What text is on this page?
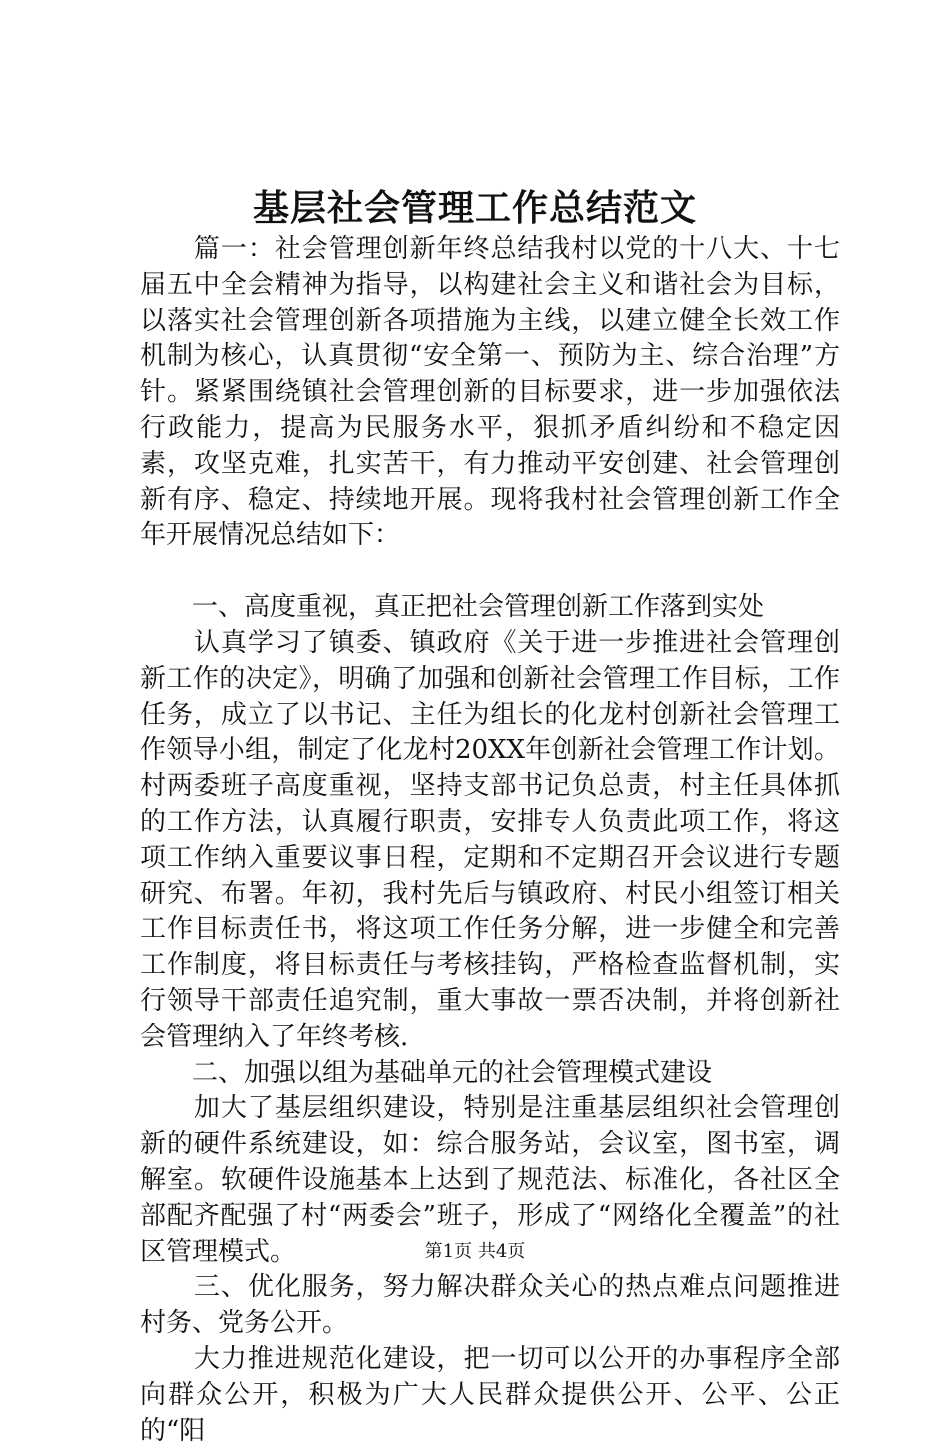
基层社会管理工作总结范文

　　篇一：社会管理创新年终总结我村以党的十八大、十七届五中全会精神为指导，以构建社会主义和谐社会为目标，以落实社会管理创新各项措施为主线，以建立健全长效工作机制为核心，认真贯彻“安全第一、预防为主、综合治理”方针。紧紧围绕镇社会管理创新的目标要求，进一步加强依法行政能力，提高为民服务水平，狠抓矛盾纠纷和不稳定因素，攻坚克难，扎实苦干，有力推动平安创建、社会管理创新有序、稳定、持续地开展。现将我村社会管理创新工作全年开展情况总结如下：

　　一、高度重视，真正把社会管理创新工作落到实处

　　认真学习了镇委、镇政府《关于进一步推进社会管理创新工作的决定》，明确了加强和创新社会管理工作目标，工作任务，成立了以书记、主任为组长的化龙村创新社会管理工作领导小组，制定了化龙村20XX年创新社会管理工作计划。村两委班子高度重视，坚持支部书记负总责，村主任具体抓的工作方法，认真履行职责，安排专人负责此项工作，将这项工作纳入重要议事日程，定期和不定期召开会议进行专题研究、布署。年初，我村先后与镇政府、村民小组签订相关工作目标责任书，将这项工作任务分解，进一步健全和完善工作制度，将目标责任与考核挂钩，严格检查监督机制，实行领导干部责任追究制，重大事故一票否决制，并将创新社会管理纳入了年终考核.

　　二、加强以组为基础单元的社会管理模式建设

　　加大了基层组织建设，特别是注重基层组织社会管理创新的硬件系统建设，如：综合服务站，会议室，图书室，调解室。软硬件设施基本上达到了规范法、标准化，各社区全部配齐配强了村“两委会”班子，形成了“网络化全覆盖”的社区管理模式。

　　三、优化服务，努力解决群众关心的热点难点问题推进村务、党务公开。

　　大力推进规范化建设，把一切可以公开的办事程序全部向群众公开，积极为广大人民群众提供公开、公平、公正的“阳

第1页 共4页
